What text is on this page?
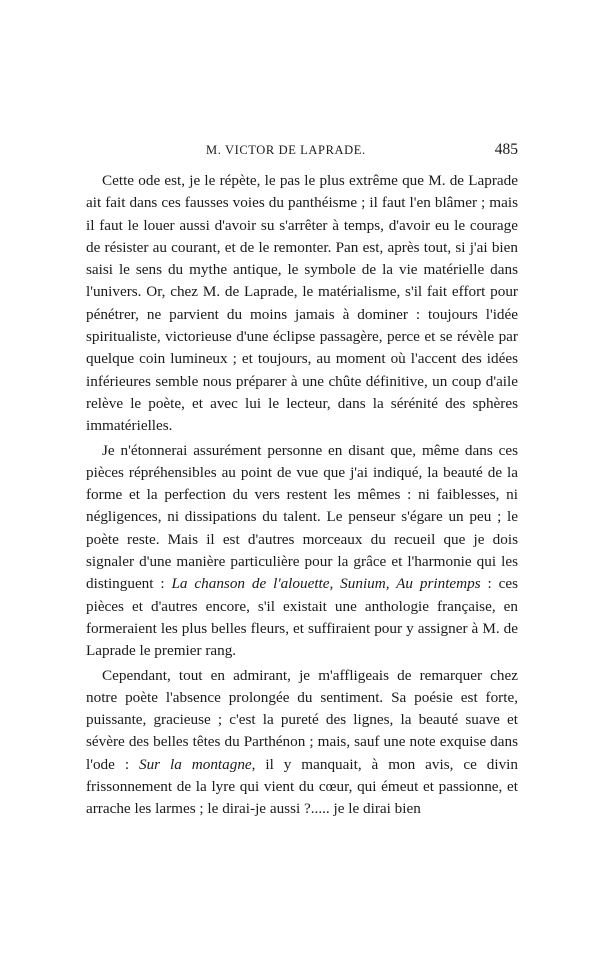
M. VICTOR DE LAPRADE.	485

Cette ode est, je le répète, le pas le plus extrême que M. de Laprade ait fait dans ces fausses voies du panthéisme ; il faut l'en blâmer ; mais il faut le louer aussi d'avoir su s'arrêter à temps, d'avoir eu le courage de résister au courant, et de le remonter. Pan est, après tout, si j'ai bien saisi le sens du mythe antique, le symbole de la vie matérielle dans l'univers. Or, chez M. de Laprade, le matérialisme, s'il fait effort pour pénétrer, ne parvient du moins jamais à dominer : toujours l'idée spiritualiste, victorieuse d'une éclipse passagère, perce et se révèle par quelque coin lumineux ; et toujours, au moment où l'accent des idées inférieures semble nous préparer à une chûte définitive, un coup d'aile relève le poète, et avec lui le lecteur, dans la sérénité des sphères immatérielles.

Je n'étonnerai assurément personne en disant que, même dans ces pièces répréhensibles au point de vue que j'ai indiqué, la beauté de la forme et la perfection du vers restent les mêmes : ni faiblesses, ni négligences, ni dissipations du talent. Le penseur s'égare un peu ; le poète reste. Mais il est d'autres morceaux du recueil que je dois signaler d'une manière particulière pour la grâce et l'harmonie qui les distinguent : La chanson de l'alouette, Sunium, Au printemps : ces pièces et d'autres encore, s'il existait une anthologie française, en formeraient les plus belles fleurs, et suffiraient pour y assigner à M. de Laprade le premier rang.

Cependant, tout en admirant, je m'affligeais de remarquer chez notre poète l'absence prolongée du sentiment. Sa poésie est forte, puissante, gracieuse ; c'est la pureté des lignes, la beauté suave et sévère des belles têtes du Parthénon ; mais, sauf une note exquise dans l'ode : Sur la montagne, il y manquait, à mon avis, ce divin frissonnement de la lyre qui vient du cœur, qui émeut et passionne, et arrache les larmes ; le dirai-je aussi ?..... je le dirai bien
